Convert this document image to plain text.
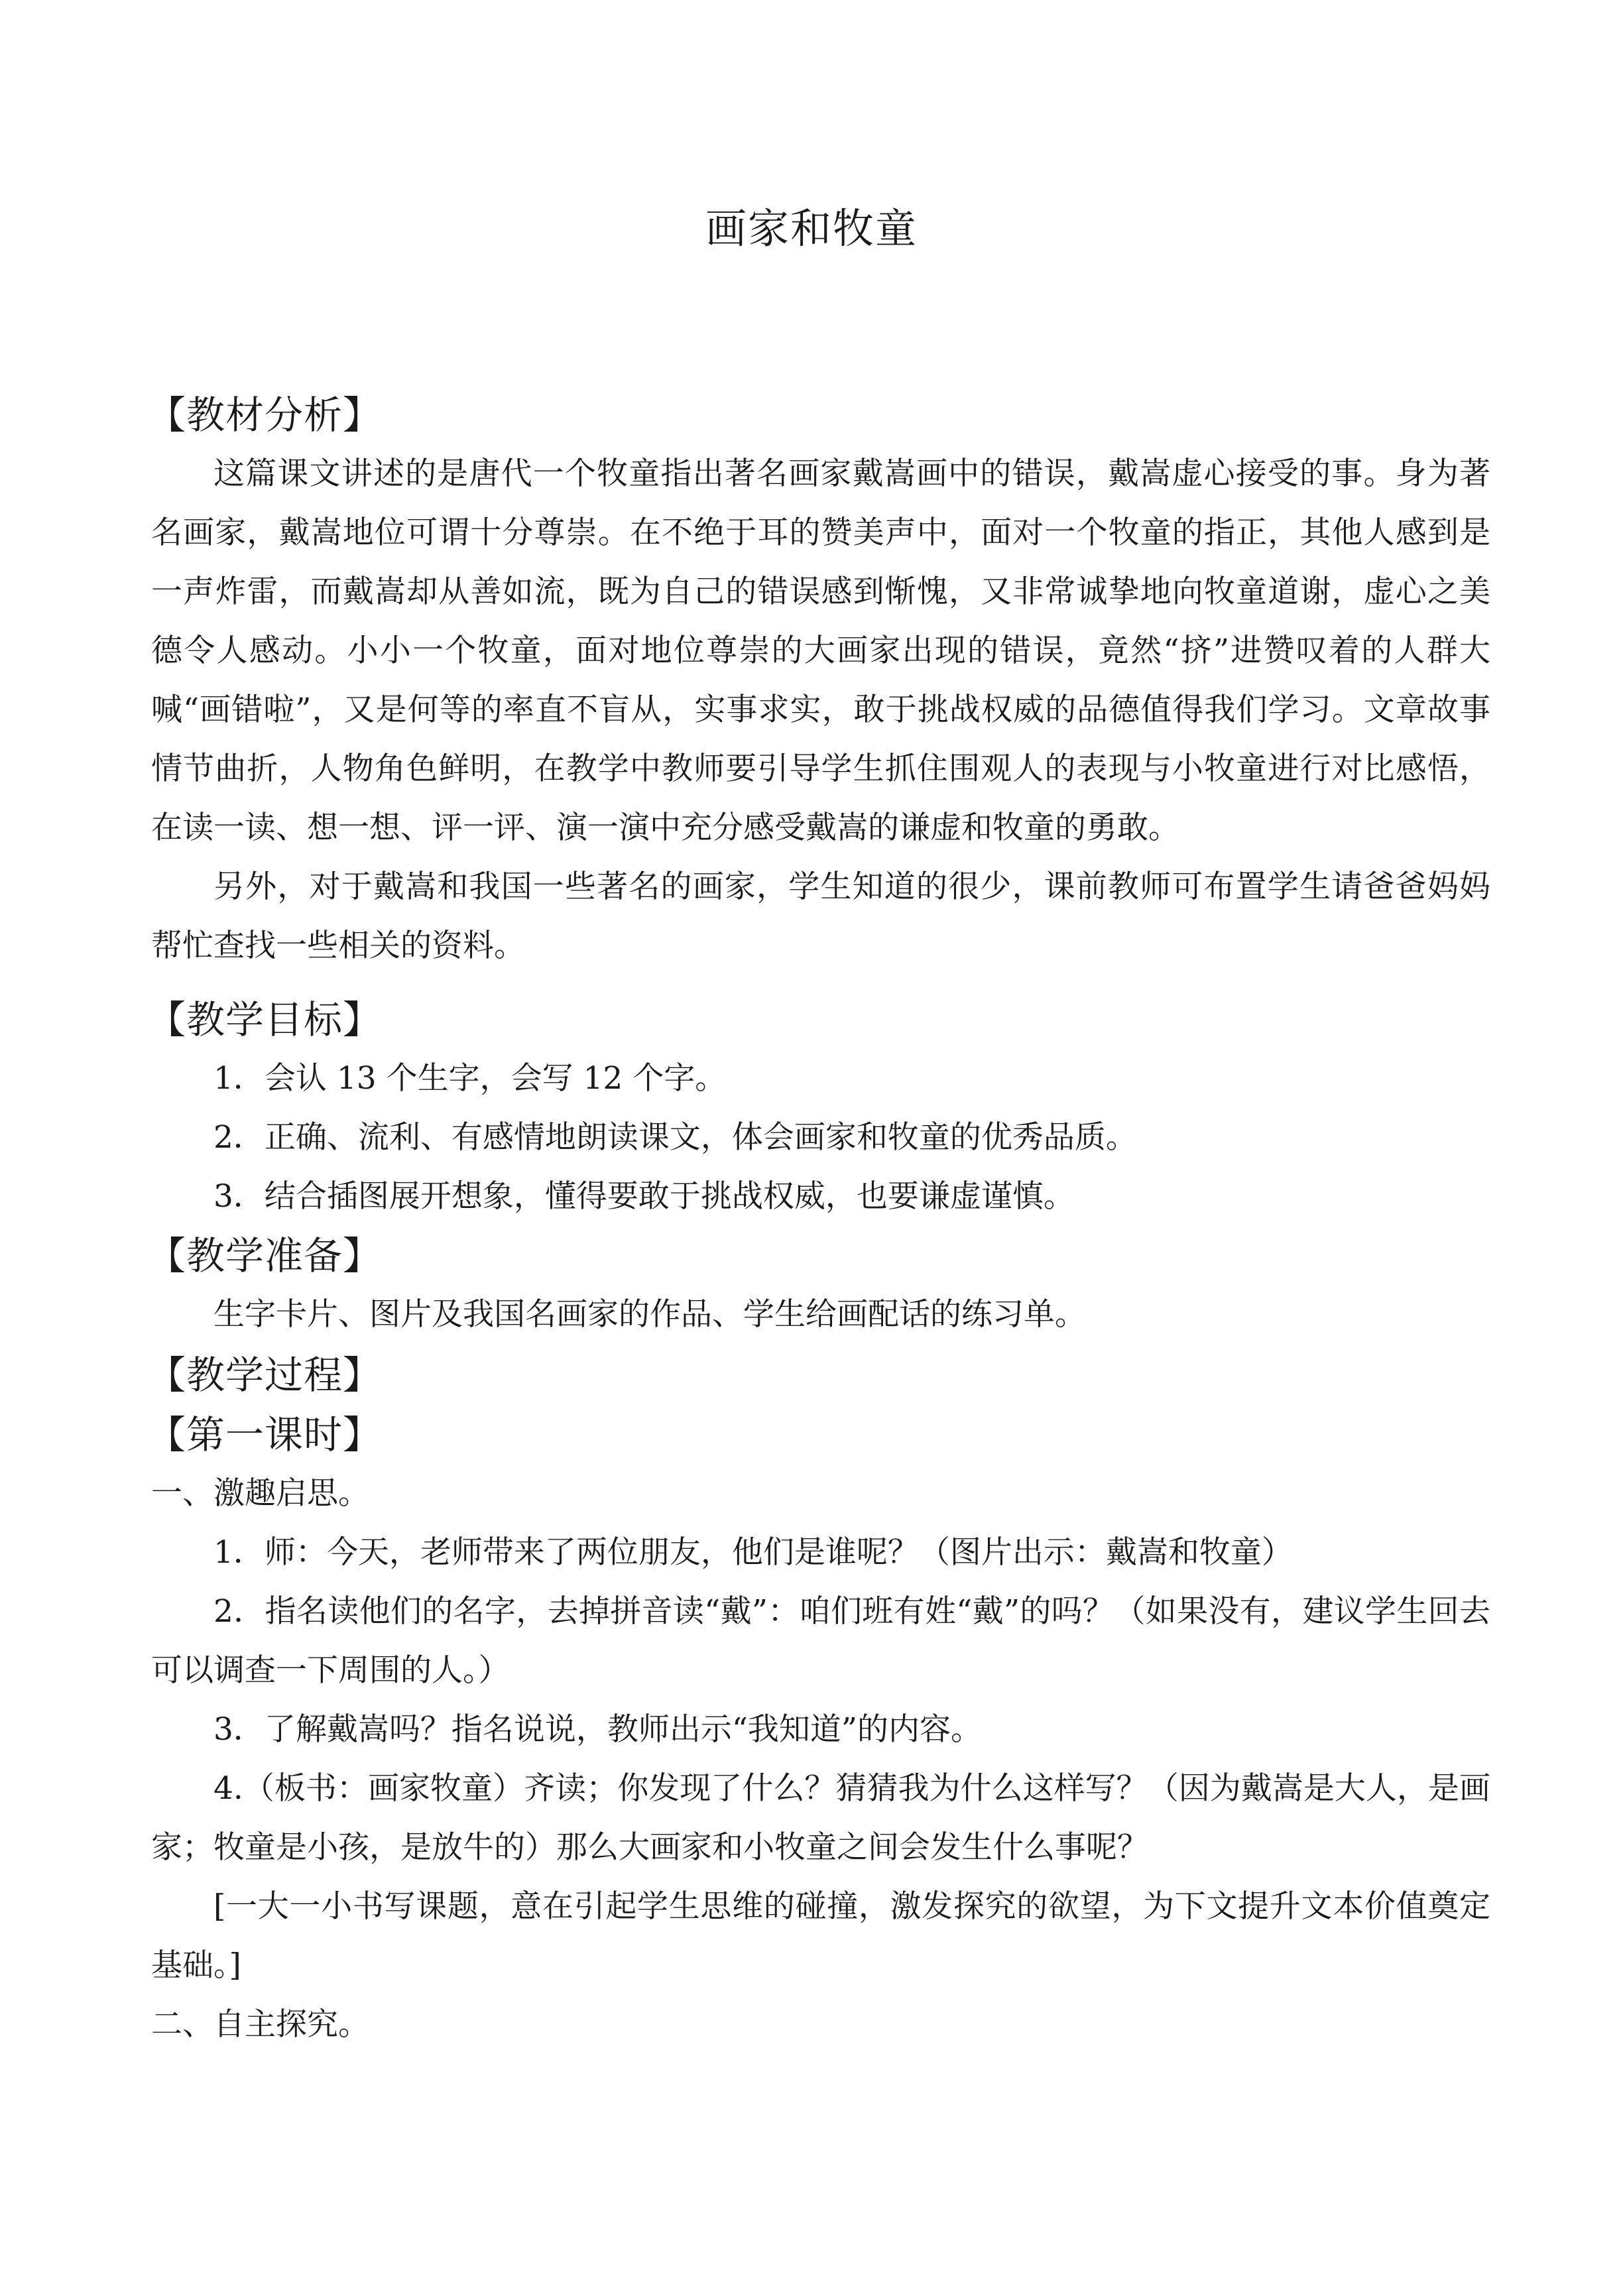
画家和牧童
【教材分析】

这篇课文讲述的是唐代一个牧童指出著名画家戴嵩画中的错误，戴嵩虚心接受的事。身为著名画家，戴嵩地位可谓十分尊崇。在不绝于耳的赞美声中，面对一个牧童的指正，其他人感到是一声炸雷，而戴嵩却从善如流，既为自己的错误感到惭愧，又非常诚挚地向牧童道谢，虚心之美德令人感动。小小一个牧童，面对地位尊崇的大画家出现的错误，竟然“挤”进赞叹着的人群大喊“画错啦”，又是何等的率直不盲从，实事求实，敢于挑战权威的品德值得我们学习。文章故事情节曲折，人物角色鲜明，在教学中教师要引导学生抓住围观人的表现与小牧童进行对比感悟，在读一读、想一想、评一评、演一演中充分感受戴嵩的谦虚和牧童的勇敢。

另外，对于戴嵩和我国一些著名的画家，学生知道的很少，课前教师可布置学生请爸爸妈妈帮忙查找一些相关的资料。

【教学目标】

1．会认 13 个生字，会写 12 个字。

2．正确、流利、有感情地朗读课文，体会画家和牧童的优秀品质。

3．结合插图展开想象，懂得要敢于挑战权威，也要谦虚谨慎。

【教学准备】

生字卡片、图片及我国名画家的作品、学生给画配话的练习单。

【教学过程】
【第一课时】

一、激趣启思。

1．师：今天，老师带来了两位朋友，他们是谁呢？（图片出示：戴嵩和牧童）

2．指名读他们的名字，去掉拼音读“戴”：咱们班有姓“戴”的吗？（如果没有，建议学生回去可以调查一下周围的人。）

3．了解戴嵩吗？指名说说，教师出示“我知道”的内容。

4.（板书：画家牧童）齐读；你发现了什么？猜猜我为什么这样写？（因为戴嵩是大人，是画家；牧童是小孩，是放牛的）那么大画家和小牧童之间会发生什么事呢？

[一大一小书写课题，意在引起学生思维的碰撞，激发探究的欲望，为下文提升文本价值奠定基础。]

二、自主探究。
